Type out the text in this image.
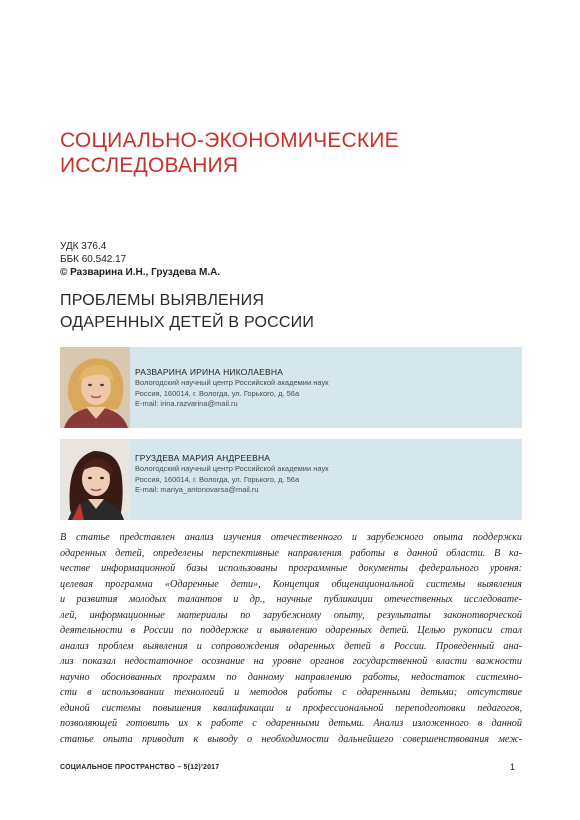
СОЦИАЛЬНО-ЭКОНОМИЧЕСКИЕ
ИССЛЕДОВАНИЯ
УДК 376.4
ББК 60.542.17
© Разварина И.Н., Груздева М.А.
ПРОБЛЕМЫ ВЫЯВЛЕНИЯ
ОДАРЕННЫХ ДЕТЕЙ В РОССИИ
РАЗВАРИНА ИРИНА НИКОЛАЕВНА
Вологодский научный центр Российской академии наук
Россия, 160014, г. Вологда, ул. Горького, д. 56а
E-mail: irina.razvarina@mail.ru
ГРУЗДЕВА МАРИЯ АНДРЕЕВНА
Вологодский научный центр Российской академии наук
Россия, 160014, г. Вологда, ул. Горького, д. 56а
E-mail: mariya_antonovarsa@mail.ru
В статье представлен анализ изучения отечественного и зарубежного опыта поддержки
одаренных детей, определены перспективные направления работы в данной области. В ка-
честве информационной базы использованы программные документы федерального уровня:
целевая программа «Одаренные дети», Концепция общенациональной системы выявления
и развития молодых талантов и др., научные публикации отечественных исследовате-
лей, информационные материалы по зарубежному опыту, результаты законотворческой
деятельности в России по поддержке и выявлению одаренных детей. Целью рукописи стал
анализ проблем выявления и сопровождения одаренных детей в России. Проведенный ана-
лиз показал недостаточное осознание на уровне органов государственной власти важности
научно обоснованных программ по данному направлению работы, недостаток системно-
сти в использовании технологий и методов работы с одаренными детьми; отсутствие
единой системы повышения квалификации и профессиональной переподготовки педагогов,
позволяющей готовить их к работе с одаренными детьми. Анализ изложенного в данной
статье опыта приводит к выводу о необходимости дальнейшего совершенствования меж-
СОЦИАЛЬНОЕ ПРОСТРАНСТВО – 5(12)’2017	1
